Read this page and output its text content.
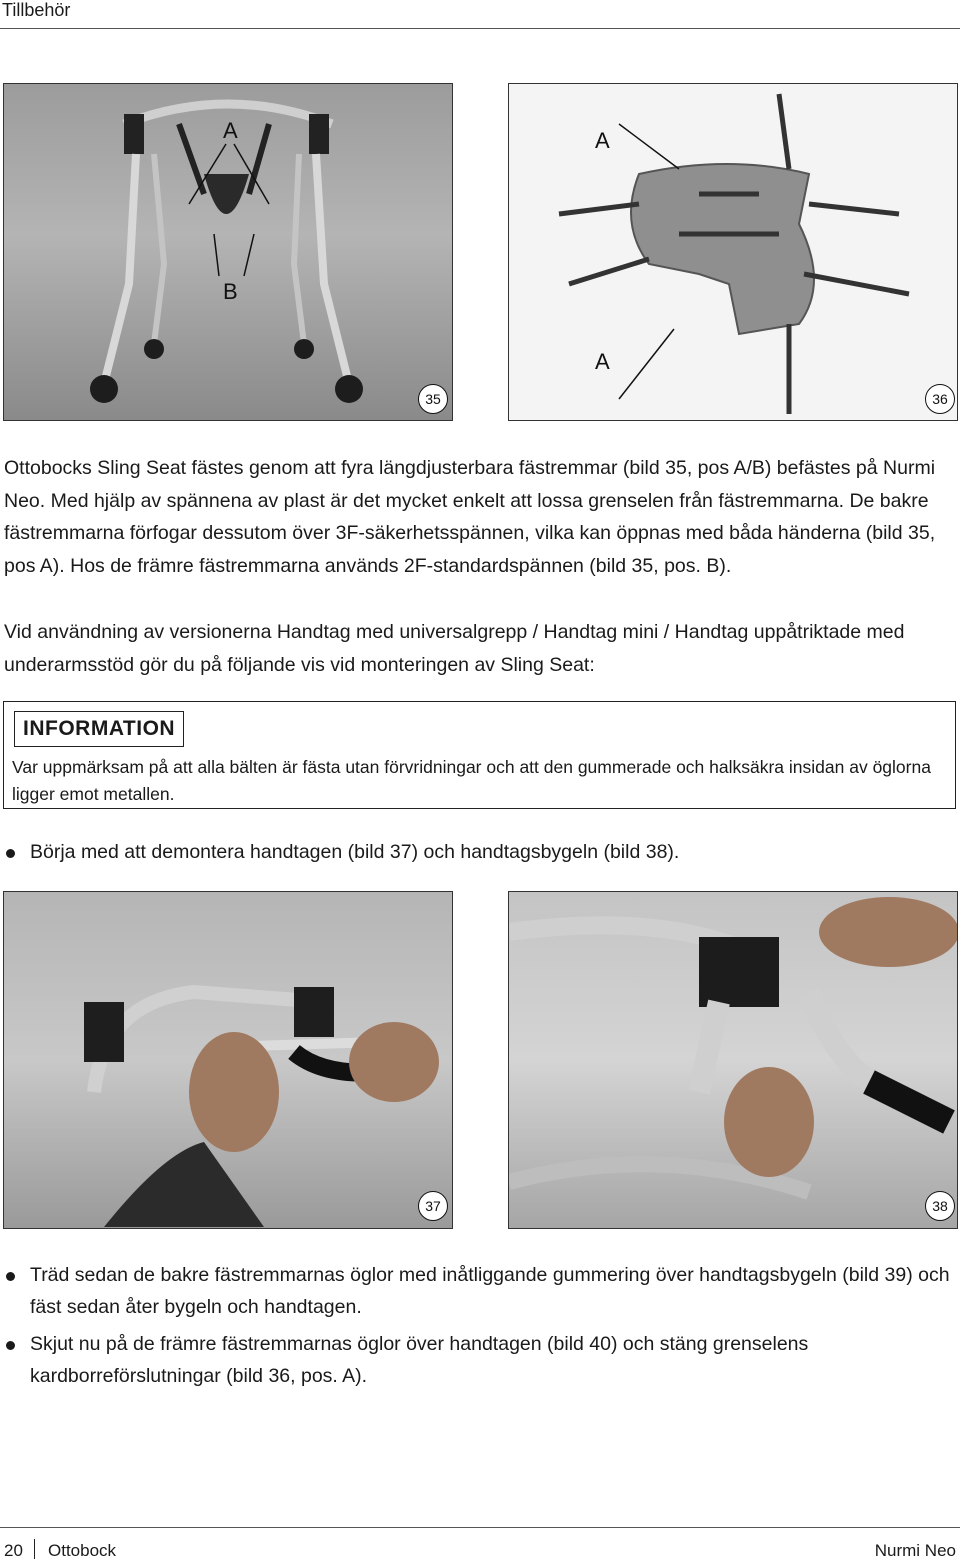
Tillbehör
A
B
35
A
A
36
Ottobocks Sling Seat fästes genom att fyra längdjusterbara fästremmar (bild 35, pos A/B) befästes på Nurmi Neo. Med hjälp av spännena av plast är det mycket enkelt att lossa grenselen från fästremmarna. De bakre fästremmarna förfogar dessutom över 3F-säkerhetsspännen, vilka kan öppnas med båda händerna (bild 35, pos A). Hos de främre fästremmarna används 2F-standardspännen (bild 35, pos. B).
Vid användning av versionerna Handtag med universalgrepp / Handtag mini / Handtag uppåtriktade med underarmsstöd gör du på följande vis vid monteringen av Sling Seat:
INFORMATION
Var uppmärksam på att alla bälten är fästa utan förvridningar och att den gummerade och halksäkra insidan av öglorna ligger emot metallen.
Börja med att demontera handtagen (bild 37) och handtagsbygeln (bild 38).
37	38
Träd sedan de bakre fästremmarnas öglor med inåtliggande gummering över handtagsbygeln (bild 39) och fäst sedan åter bygeln och handtagen.
Skjut nu på de främre fästremmarnas öglor över handtagen (bild 40) och stäng grenselens kardborreförslutningar (bild 36, pos. A).
20 Ottobock	Nurmi Neo
